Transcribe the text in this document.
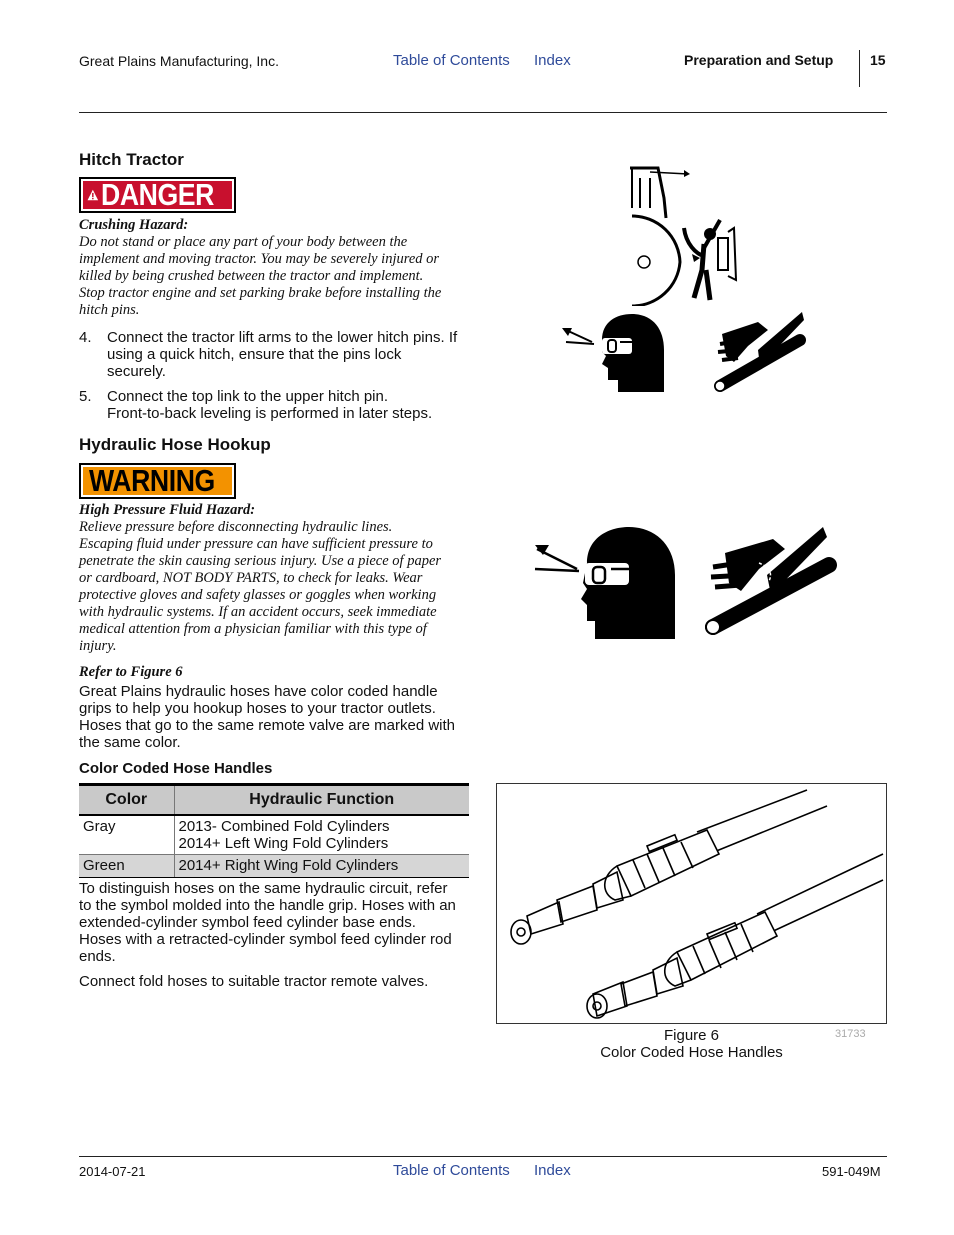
Great Plains Manufacturing, Inc.	Table of Contents Index	Preparation and Setup	15
Hitch Tractor
DANGER
Crushing Hazard:
Do not stand or place any part of your body between the
implement and moving tractor. You may be severely injured or
killed by being crushed between the tractor and implement.
Stop tractor engine and set parking brake before installing the
hitch pins.
4. Connect the tractor lift arms to the lower hitch pins. If
using a quick hitch, ensure that the pins lock
securely.
5. Connect the top link to the upper hitch pin.
Front-to-back leveling is performed in later steps.
Hydraulic Hose Hookup
WARNING
High Pressure Fluid Hazard:
Relieve pressure before disconnecting hydraulic lines.
Escaping fluid under pressure can have sufficient pressure to
penetrate the skin causing serious injury. Use a piece of paper
or cardboard, NOT BODY PARTS, to check for leaks. Wear
protective gloves and safety glasses or goggles when working
with hydraulic systems. If an accident occurs, seek immediate
medical attention from a physician familiar with this type of
injury.
Refer to Figure 6
Great Plains hydraulic hoses have color coded handle
grips to help you hookup hoses to your tractor outlets.
Hoses that go to the same remote valve are marked with
the same color.
Color Coded Hose Handles
Color	Hydraulic Function
Gray	2013- Combined Fold Cylinders
2014+ Left Wing Fold Cylinders

Green	2014+ Right Wing Fold Cylinders
To distinguish hoses on the same hydraulic circuit, refer
to the symbol molded into the handle grip. Hoses with an
extended-cylinder symbol feed cylinder base ends.
Hoses with a retracted-cylinder symbol feed cylinder rod
ends.
Connect fold hoses to suitable tractor remote valves.
31733
Figure 6
Color Coded Hose Handles
2014-07-21	Table of Contents Index	591-049M
